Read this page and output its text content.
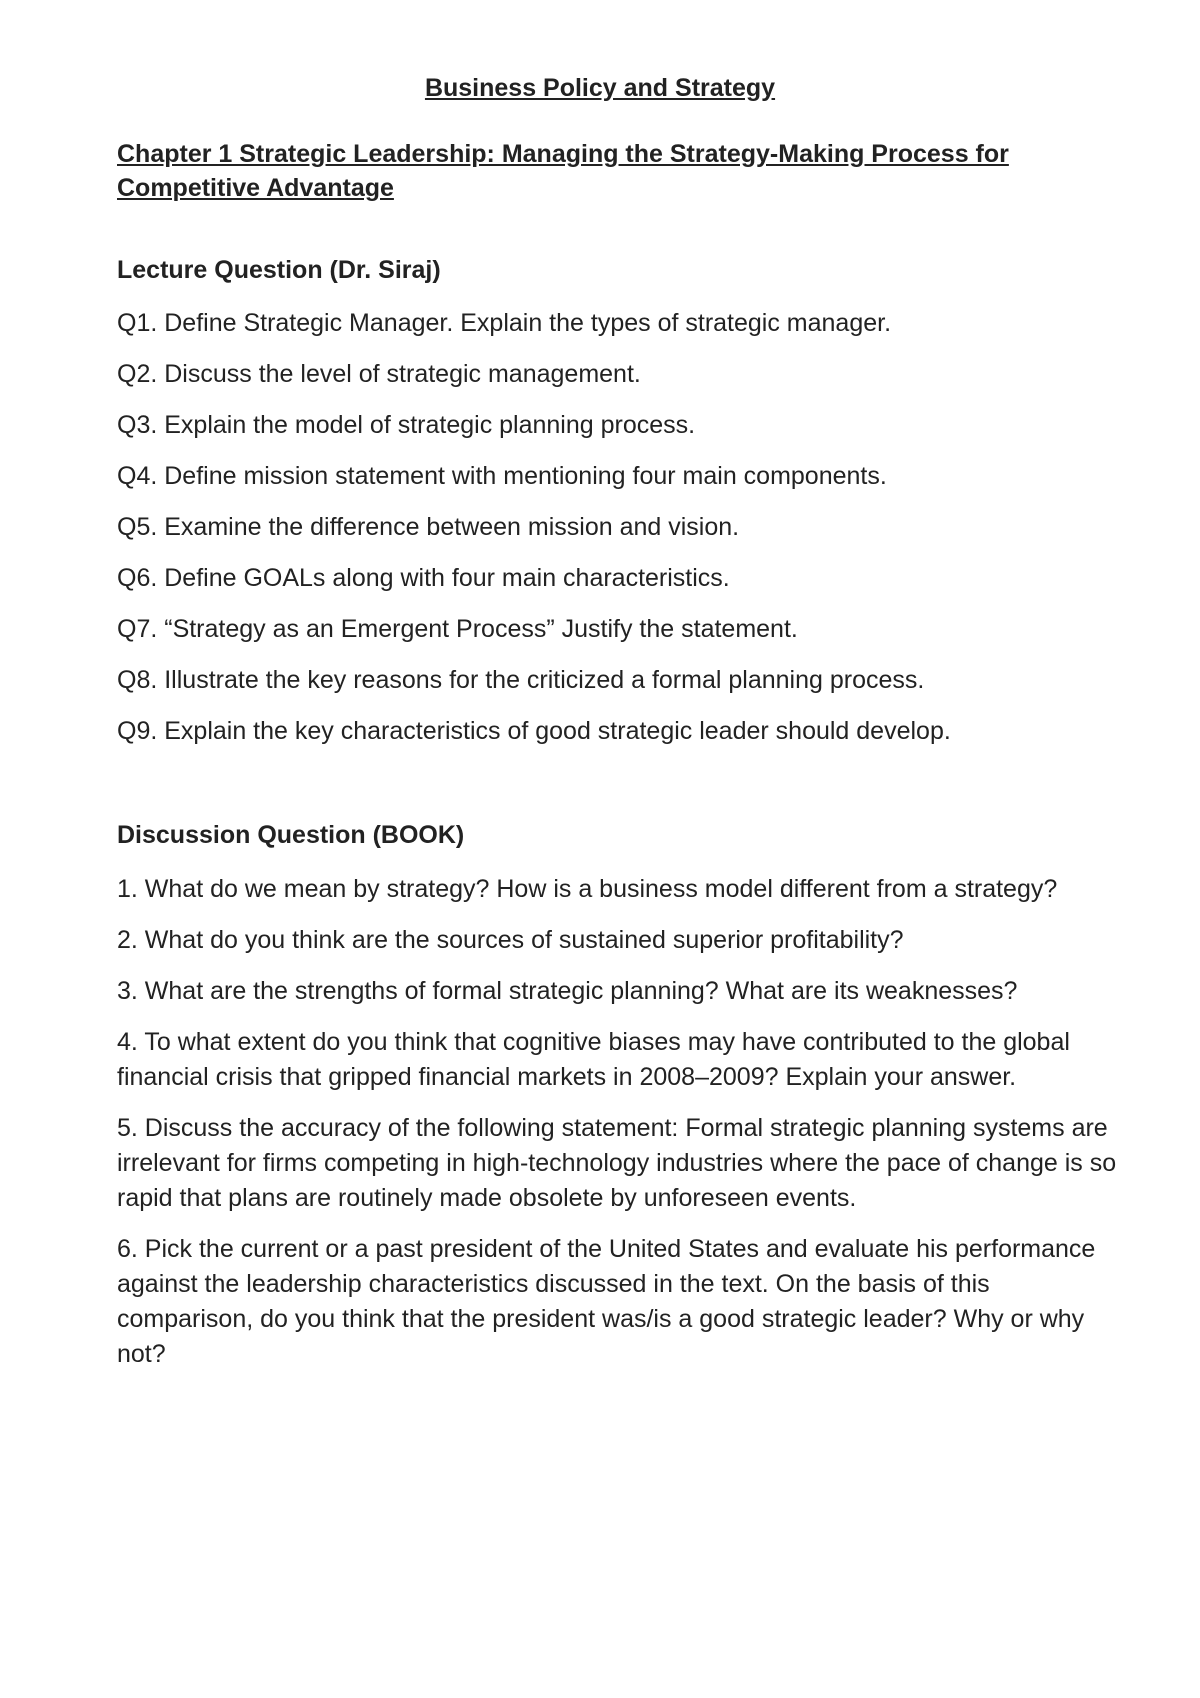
Business Policy and Strategy
Chapter 1 Strategic Leadership: Managing the Strategy-Making Process for Competitive Advantage
Lecture Question (Dr. Siraj)
Q1. Define Strategic Manager. Explain the types of strategic manager.
Q2. Discuss the level of strategic management.
Q3. Explain the model of strategic planning process.
Q4. Define mission statement with mentioning four main components.
Q5. Examine the difference between mission and vision.
Q6. Define GOALs along with four main characteristics.
Q7. “Strategy as an Emergent Process” Justify the statement.
Q8. Illustrate the key reasons for the criticized a formal planning process.
Q9. Explain the key characteristics of good strategic leader should develop.
Discussion Question (BOOK)
1. What do we mean by strategy? How is a business model different from a strategy?
2. What do you think are the sources of sustained superior profitability?
3. What are the strengths of formal strategic planning? What are its weaknesses?
4. To what extent do you think that cognitive biases may have contributed to the global financial crisis that gripped financial markets in 2008–2009? Explain your answer.
5. Discuss the accuracy of the following statement: Formal strategic planning systems are irrelevant for firms competing in high-technology industries where the pace of change is so rapid that plans are routinely made obsolete by unforeseen events.
6. Pick the current or a past president of the United States and evaluate his performance against the leadership characteristics discussed in the text. On the basis of this comparison, do you think that the president was/is a good strategic leader? Why or why not?
